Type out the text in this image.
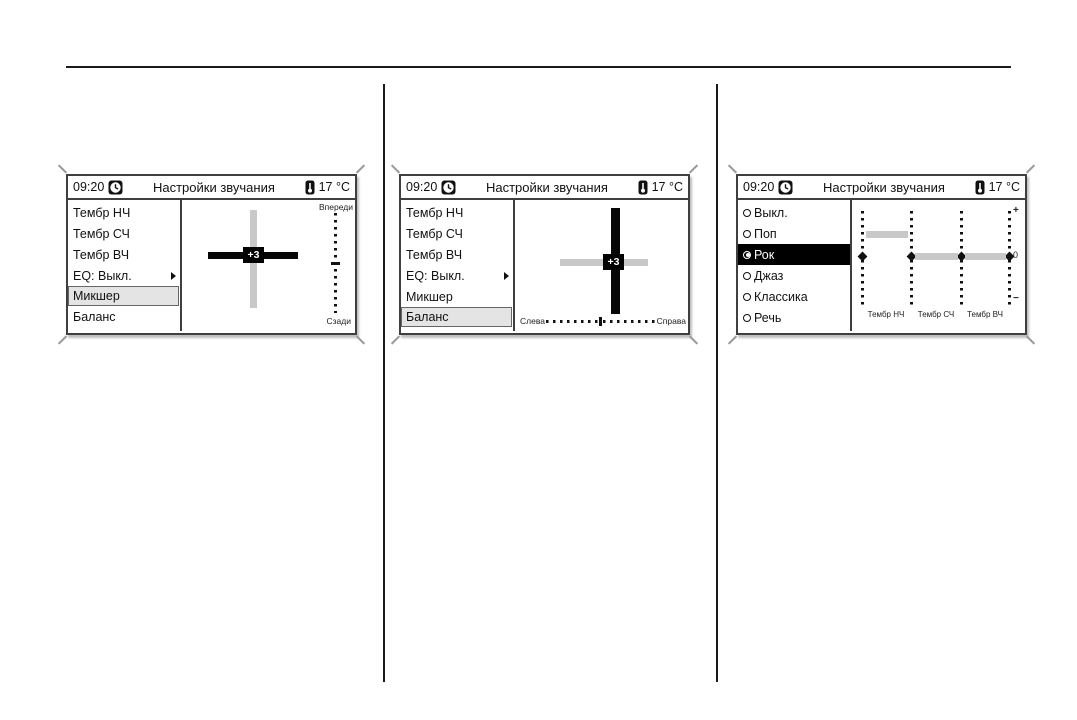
09:20	Настройки звучания	17 °C
Тембр НЧ
Тембр СЧ
Тембр ВЧ
EQ: Выкл.
Микшер
Баланс
+3
Впереди
Сзади
09:20	Настройки звучания	17 °C
Тембр НЧ
Тембр СЧ
Тембр ВЧ
EQ: Выкл.
Микшер
Баланс
+3
Слева	Справа
09:20	Настройки звучания	17 °C
Выкл.
Поп
Рок
Джаз
Классика
Речь
+
0
−
Тембр НЧ Тембр СЧ Тембр ВЧ
